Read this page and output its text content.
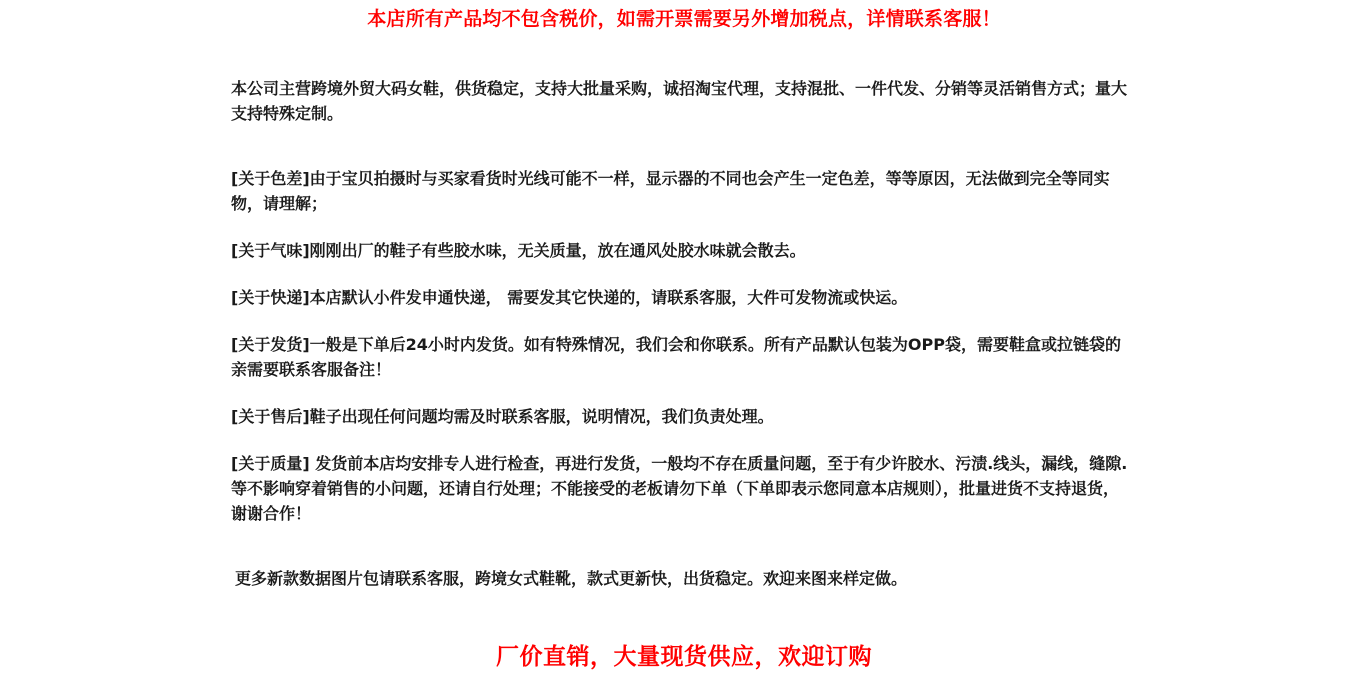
本店所有产品均不包含税价，如需开票需要另外增加税点，详情联系客服！

本公司主营跨境外贸大码女鞋，供货稳定，支持大批量采购，诚招淘宝代理，支持混批、一件代发、分销等灵活销售方式；量大支持特殊定制。

[关于色差]由于宝贝拍摄时与买家看货时光线可能不一样，显示器的不同也会产生一定色差，等等原因，无法做到完全等同实物，请理解；

[关于气味]刚刚出厂的鞋子有些胶水味，无关质量，放在通风处胶水味就会散去。

[关于快递]本店默认小件发申通快递， 需要发其它快递的，请联系客服，大件可发物流或快运。

[关于发货]一般是下单后24小时内发货。如有特殊情况，我们会和你联系。所有产品默认包装为OPP袋，需要鞋盒或拉链袋的亲需要联系客服备注！

[关于售后]鞋子出现任何问题均需及时联系客服，说明情况，我们负责处理。

[关于质量] 发货前本店均安排专人进行检查，再进行发货，一般均不存在质量问题，至于有少许胶水、污渍.线头，漏线，缝隙.等不影响穿着销售的小问题，还请自行处理；不能接受的老板请勿下单（下单即表示您同意本店规则），批量进货不支持退货，谢谢合作！

更多新款数据图片包请联系客服，跨境女式鞋靴，款式更新快，出货稳定。欢迎来图来样定做。

厂价直销，大量现货供应，欢迎订购
